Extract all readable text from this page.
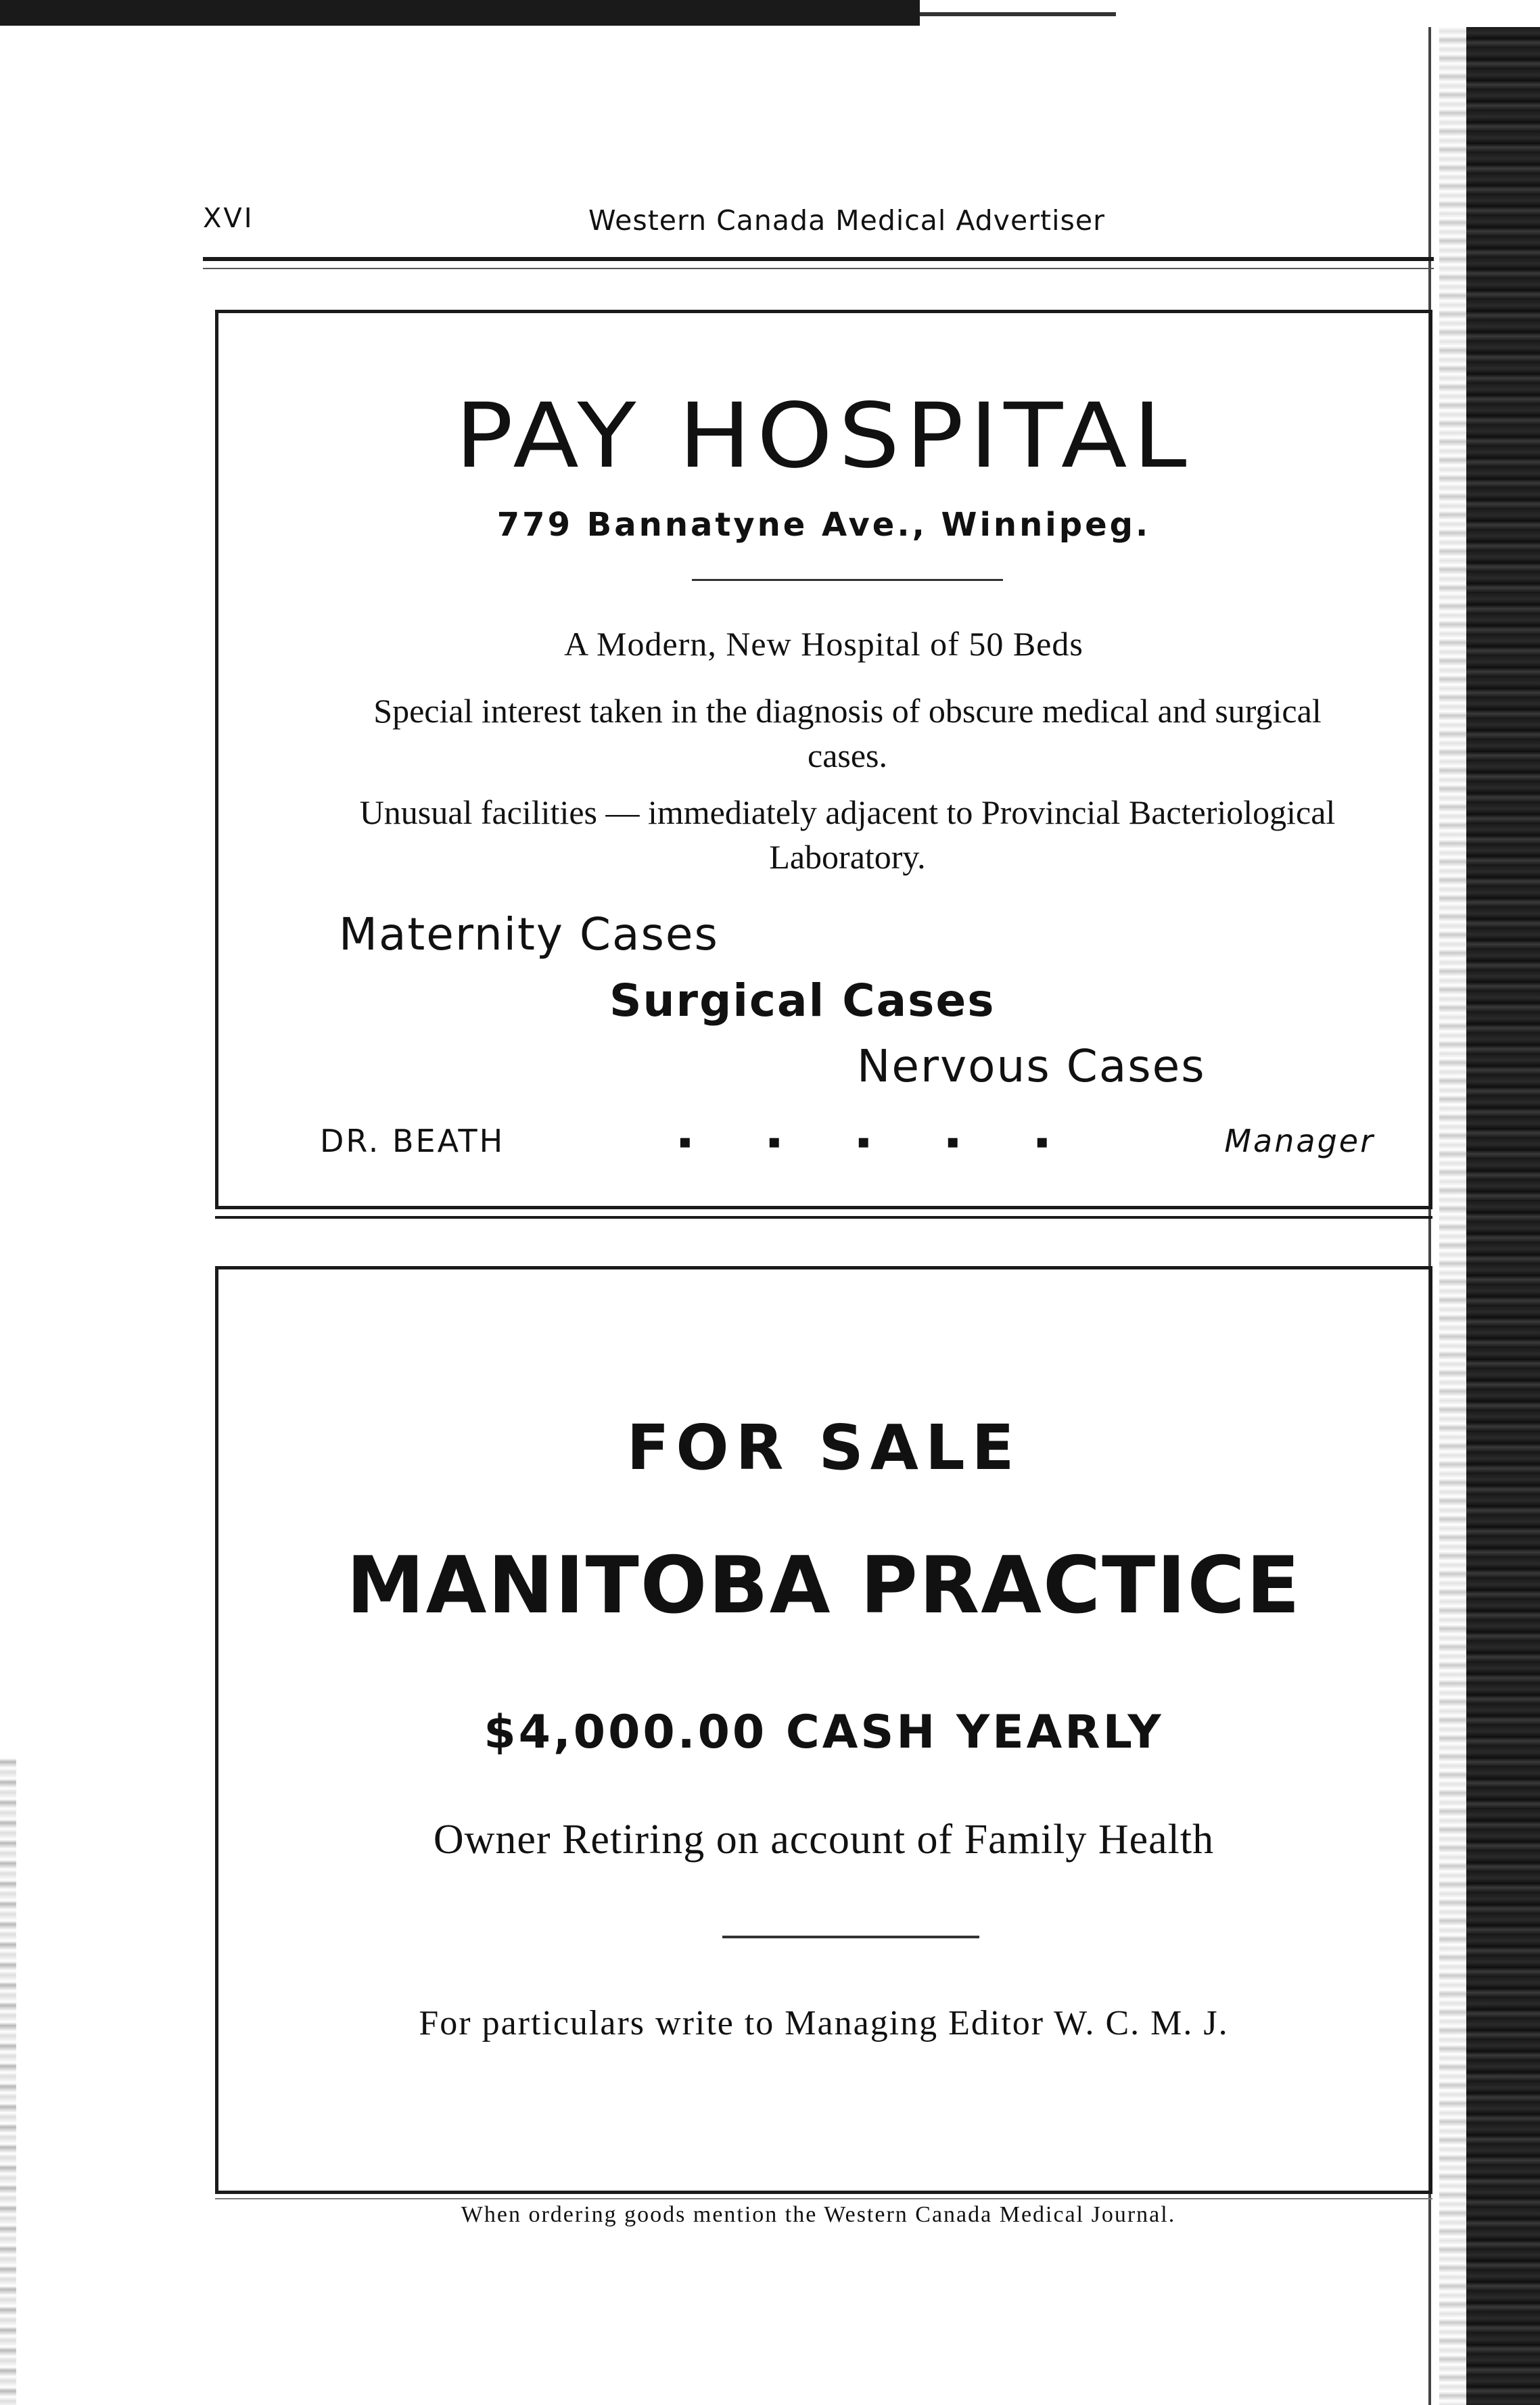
XVI	Western Canada Medical Advertiser
PAY HOSPITAL
779 Bannatyne Ave., Winnipeg.
A Modern, New Hospital of 50 Beds
Special interest taken in the diagnosis of obscure medical and surgical cases.
Unusual facilities — immediately adjacent to Provincial Bacteriological Laboratory.
Maternity Cases
Surgical Cases
Nervous Cases
DR. BEATH	▪	▪	▪	▪	▪	Manager
FOR SALE
MANITOBA PRACTICE
$4,000.00 CASH YEARLY
Owner Retiring on account of Family Health
For particulars write to Managing Editor W. C. M. J.
When ordering goods mention the Western Canada Medical Journal.
